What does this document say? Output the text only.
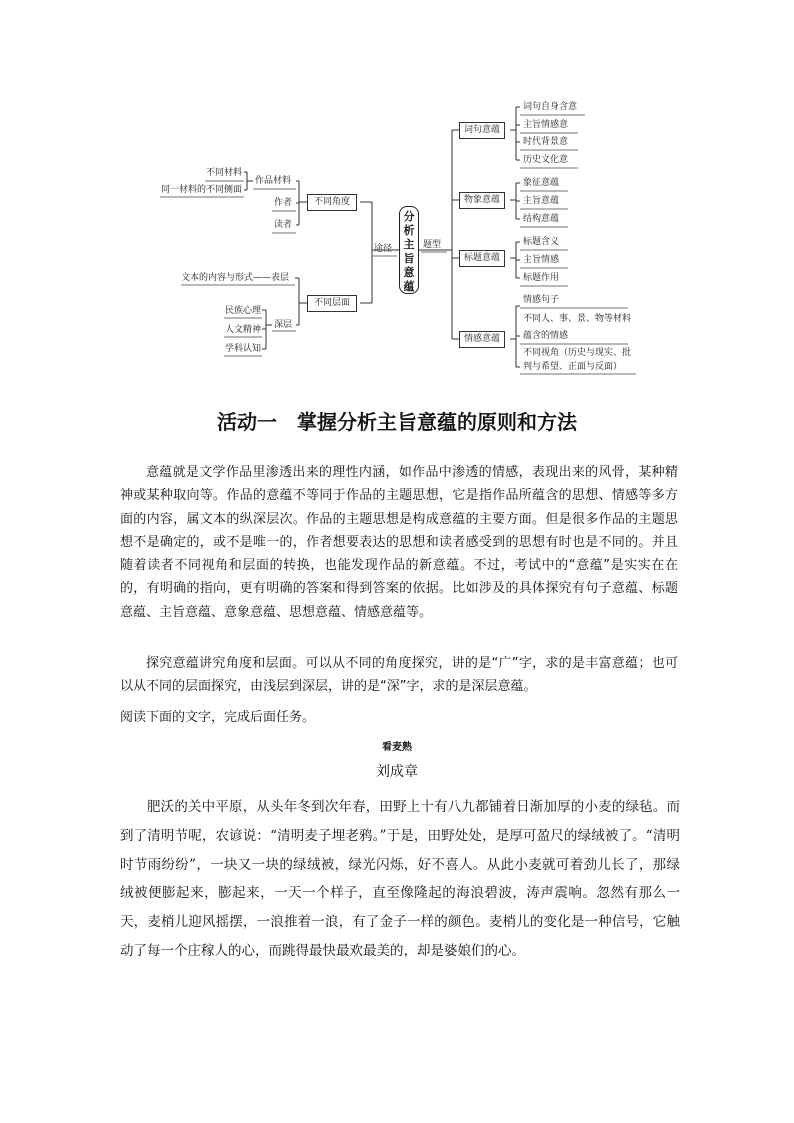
分
析
主
旨
意
蕴
途径	题型
不同角度
作品材料
作者
读者
不同材料
同一材料的不同侧面
不同层面
文本的内容与形式——表层
深层
民族心理
人文精神
学科认知
词句意蕴
词句自身含意
主旨情感意
时代背景意
历史文化意
物象意蕴
象征意蕴
主旨意蕴
结构意蕴
标题意蕴
标题含义
主旨情感
标题作用
情感意蕴
情感句子
不同人、事、景、物等材料
蕴含的情感
不同视角（历史与现实、批
判与希望、正面与反面）
活动一　掌握分析主旨意蕴的原则和方法

意蕴就是文学作品里渗透出来的理性内涵，如作品中渗透的情感，表现出来的风骨，某种精神或某种取向等。作品的意蕴不等同于作品的主题思想，它是指作品所蕴含的思想、情感等多方面的内容，属文本的纵深层次。作品的主题思想是构成意蕴的主要方面。但是很多作品的主题思想不是确定的，或不是唯一的，作者想要表达的思想和读者感受到的思想有时也是不同的。并且随着读者不同视角和层面的转换，也能发现作品的新意蕴。不过，考试中的“意蕴”是实实在在的，有明确的指向，更有明确的答案和得到答案的依据。比如涉及的具体探究有句子意蕴、标题意蕴、主旨意蕴、意象意蕴、思想意蕴、情感意蕴等。

探究意蕴讲究角度和层面。可以从不同的角度探究，讲的是“广”字，求的是丰富意蕴；也可以从不同的层面探究，由浅层到深层，讲的是“深”字，求的是深层意蕴。

阅读下面的文字，完成后面任务。

看麦熟
刘成章

肥沃的关中平原，从头年冬到次年春，田野上十有八九都铺着日渐加厚的小麦的绿毡。而到了清明节呢，农谚说：“清明麦子埋老鸦。”于是，田野处处，是厚可盈尺的绿绒被了。“清明时节雨纷纷”，一块又一块的绿绒被，绿光闪烁，好不喜人。从此小麦就可着劲儿长了，那绿绒被便膨起来，膨起来，一天一个样子，直至像隆起的海浪碧波，涛声震响。忽然有那么一天，麦梢儿迎风摇摆，一浪推着一浪，有了金子一样的颜色。麦梢儿的变化是一种信号，它触动了每一个庄稼人的心，而跳得最快最欢最美的，却是婆娘们的心。
